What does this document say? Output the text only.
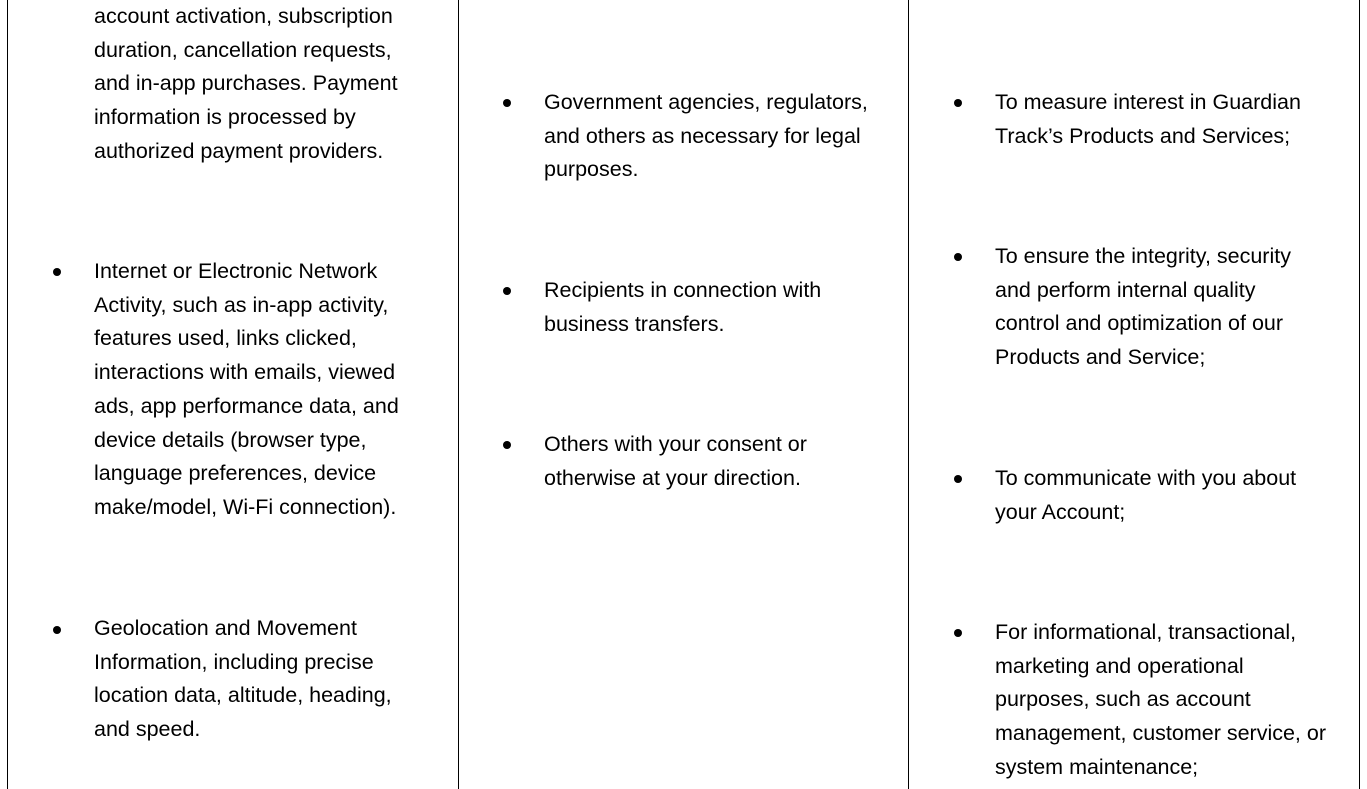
account activation, subscription
duration, cancellation requests,
and in-app purchases. Payment
information is processed by
authorized payment providers.
Internet or Electronic Network
Activity, such as in-app activity,
features used, links clicked,
interactions with emails, viewed
ads, app performance data, and
device details (browser type,
language preferences, device
make/model, Wi-Fi connection).
Geolocation and Movement
Information, including precise
location data, altitude, heading,
and speed.
Government agencies, regulators,
and others as necessary for legal
purposes.
Recipients in connection with
business transfers.
Others with your consent or
otherwise at your direction.
To measure interest in Guardian
Track’s Products and Services;
To ensure the integrity, security
and perform internal quality
control and optimization of our
Products and Service;
To communicate with you about
your Account;
For informational, transactional,
marketing and operational
purposes, such as account
management, customer service, or
system maintenance;
